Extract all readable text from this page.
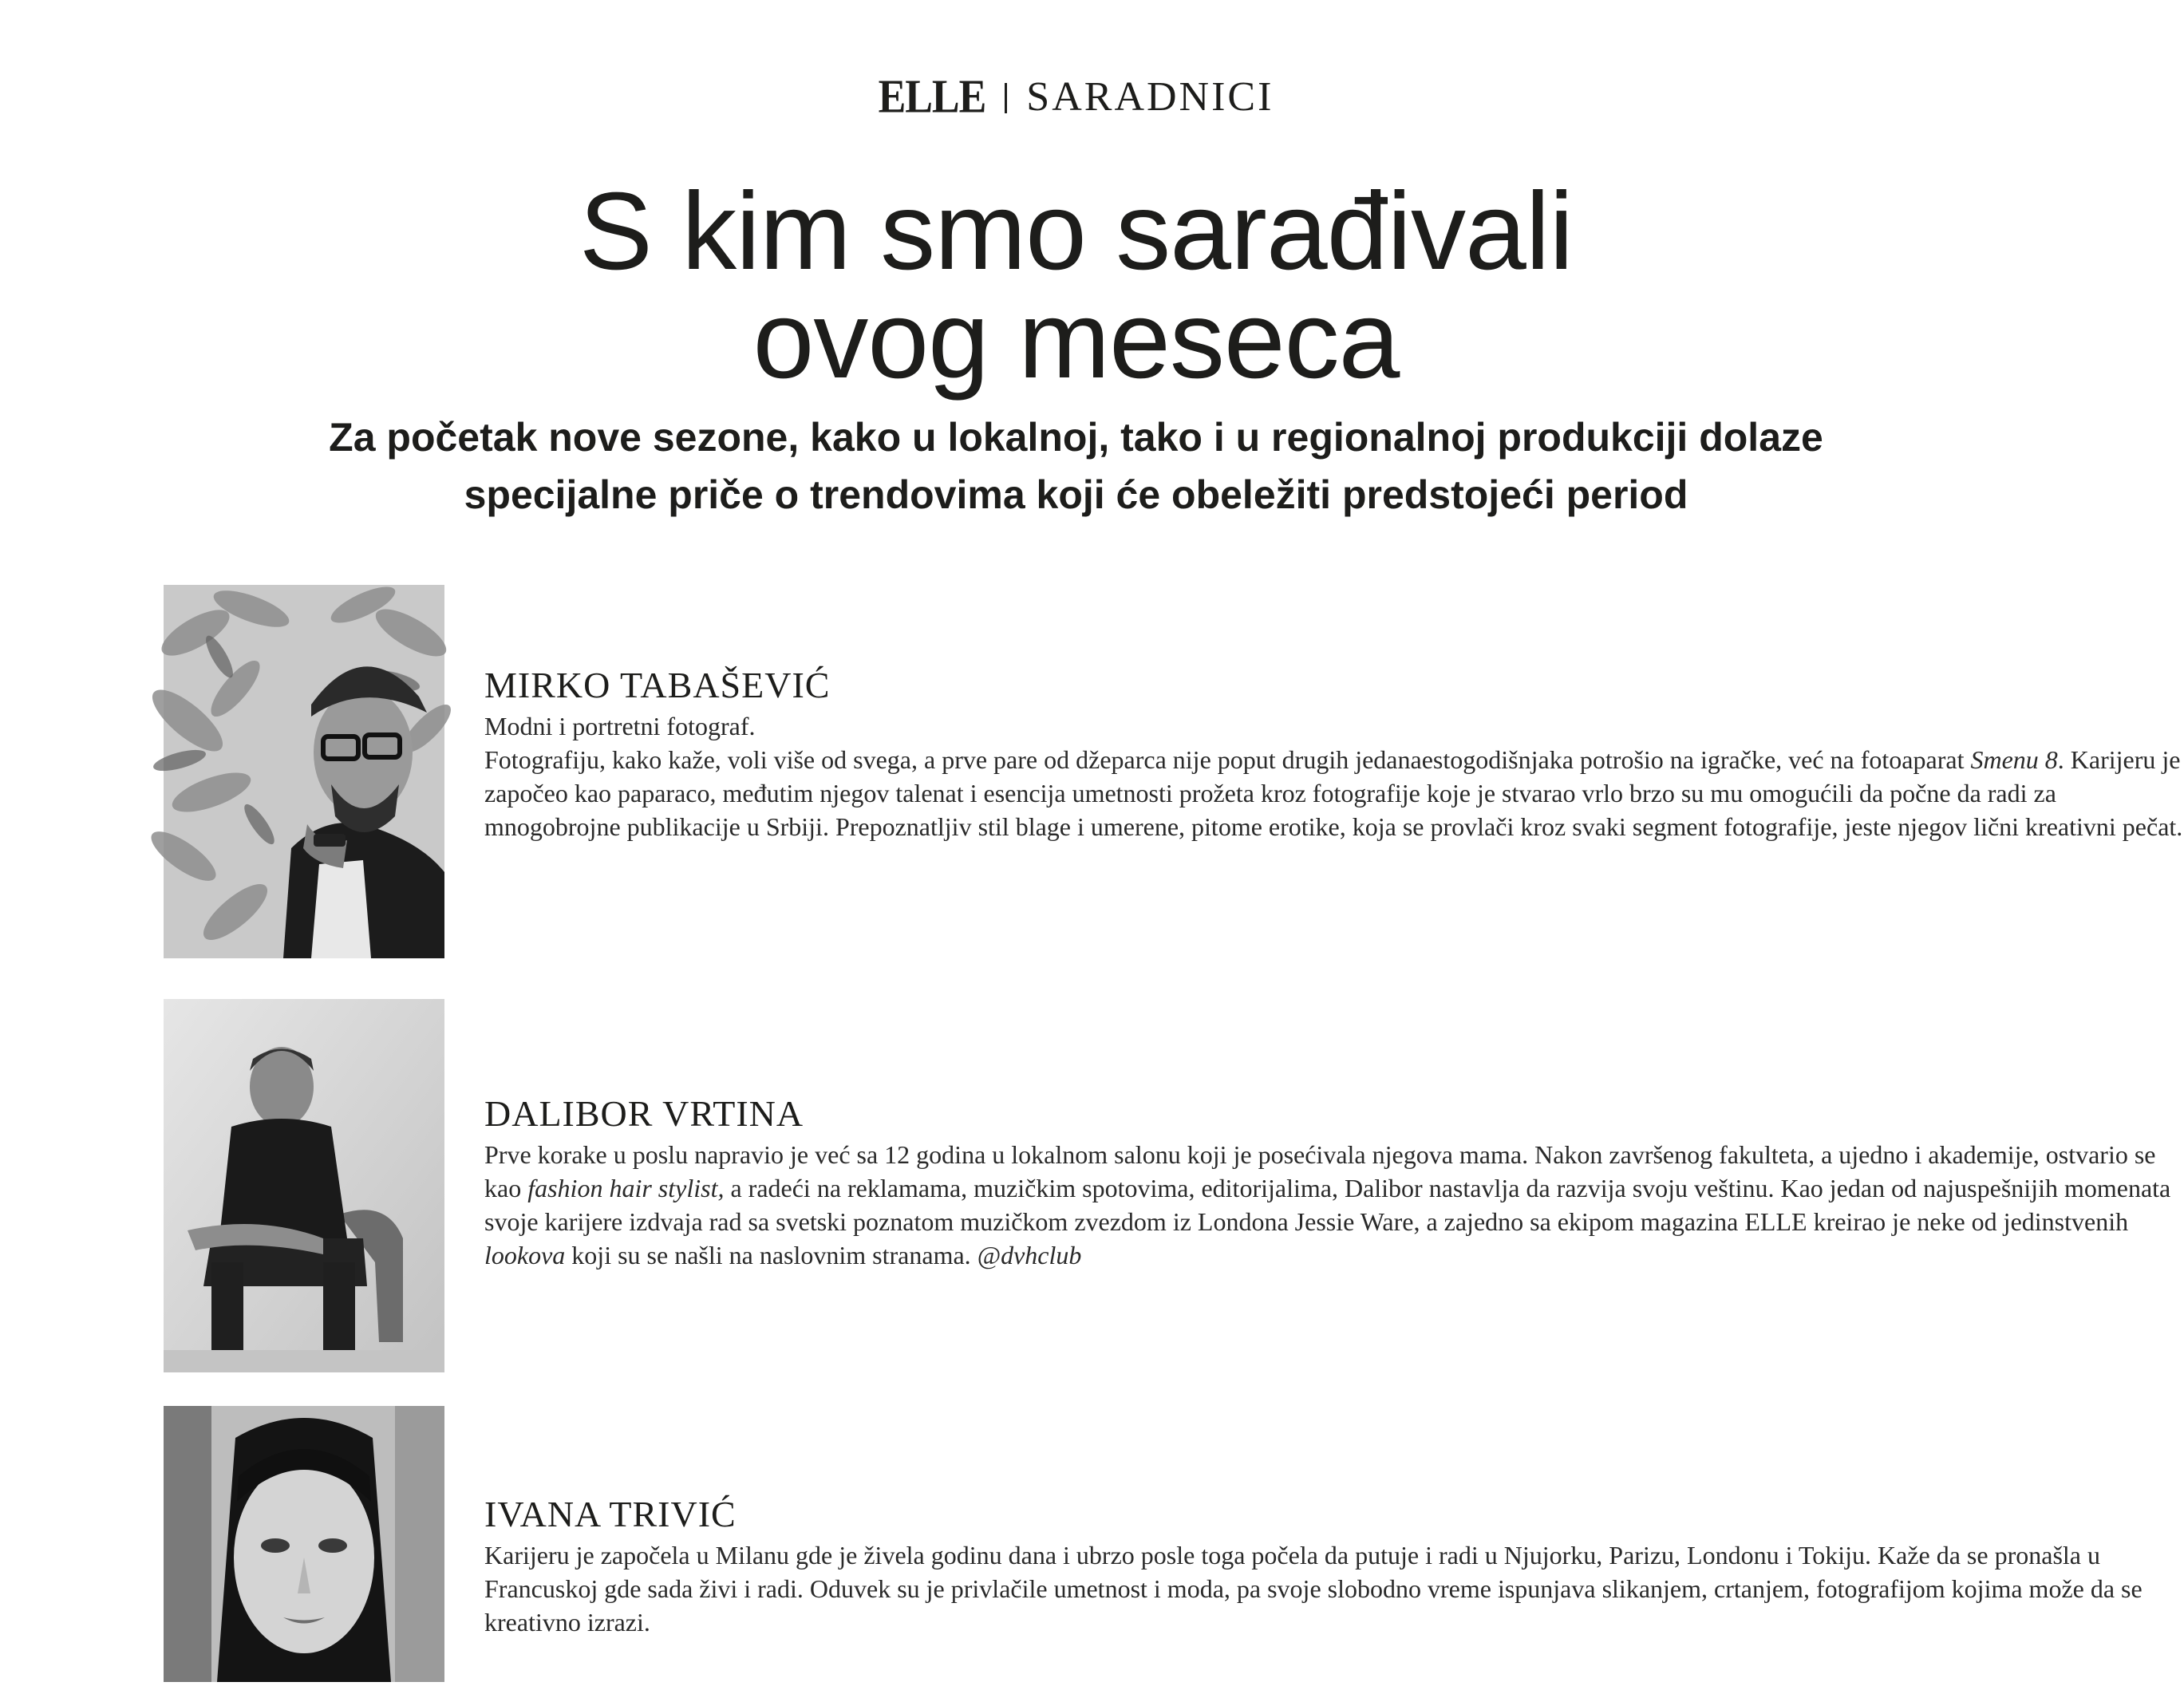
ELLE SARADNICI
S kim smo sarađivali
ovog meseca
Za početak nove sezone, kako u lokalnoj, tako i u regionalnoj produkciji dolaze
specijalne priče o trendovima koji će obeležiti predstojeći period
MIRKO TABAŠEVIĆ

Modni i portretni fotograf.

Fotografiju, kako kaže, voli više od svega, a prve pare od džeparca nije poput drugih jedanaestogodišnjaka potrošio na igračke, već na fotoaparat Smenu 8. Karijeru je započeo kao paparaco, međutim njegov talenat i esencija umetnosti prožeta kroz fotografije koje je stvarao vrlo brzo su mu omogućili da počne da radi za mnogobrojne publikacije u Srbiji. Prepoznatljiv stil blage i umerene, pitome erotike, koja se provlači kroz svaki segment fotografije, jeste njegov lični kreativni pečat.

DALIBOR VRTINA

Prve korake u poslu napravio je već sa 12 godina u lokalnom salonu koji je posećivala njegova mama. Nakon završenog fakulteta, a ujedno i akademije, ostvario se kao fashion hair stylist, a radeći na reklamama, muzičkim spotovima, editorijalima, Dalibor nastavlja da razvija svoju veštinu. Kao jedan od najuspešnijih momenata svoje karijere izdvaja rad sa svetski poznatom muzičkom zvezdom iz Londona Jessie Ware, a zajedno sa ekipom magazina ELLE kreirao je neke od jedinstvenih lookova koji su se našli na naslovnim stranama. @dvhclub

IVANA TRIVIĆ

Karijeru je započela u Milanu gde je živela godinu dana i ubrzo posle toga počela da putuje i radi u Njujorku, Parizu, Londonu i Tokiju. Kaže da se pronašla u Francuskoj gde sada živi i radi. Oduvek su je privlačile umetnost i moda, pa svoje slobodno vreme ispunjava slikanjem, crtanjem, fotografijom kojima može da se kreativno izrazi.
